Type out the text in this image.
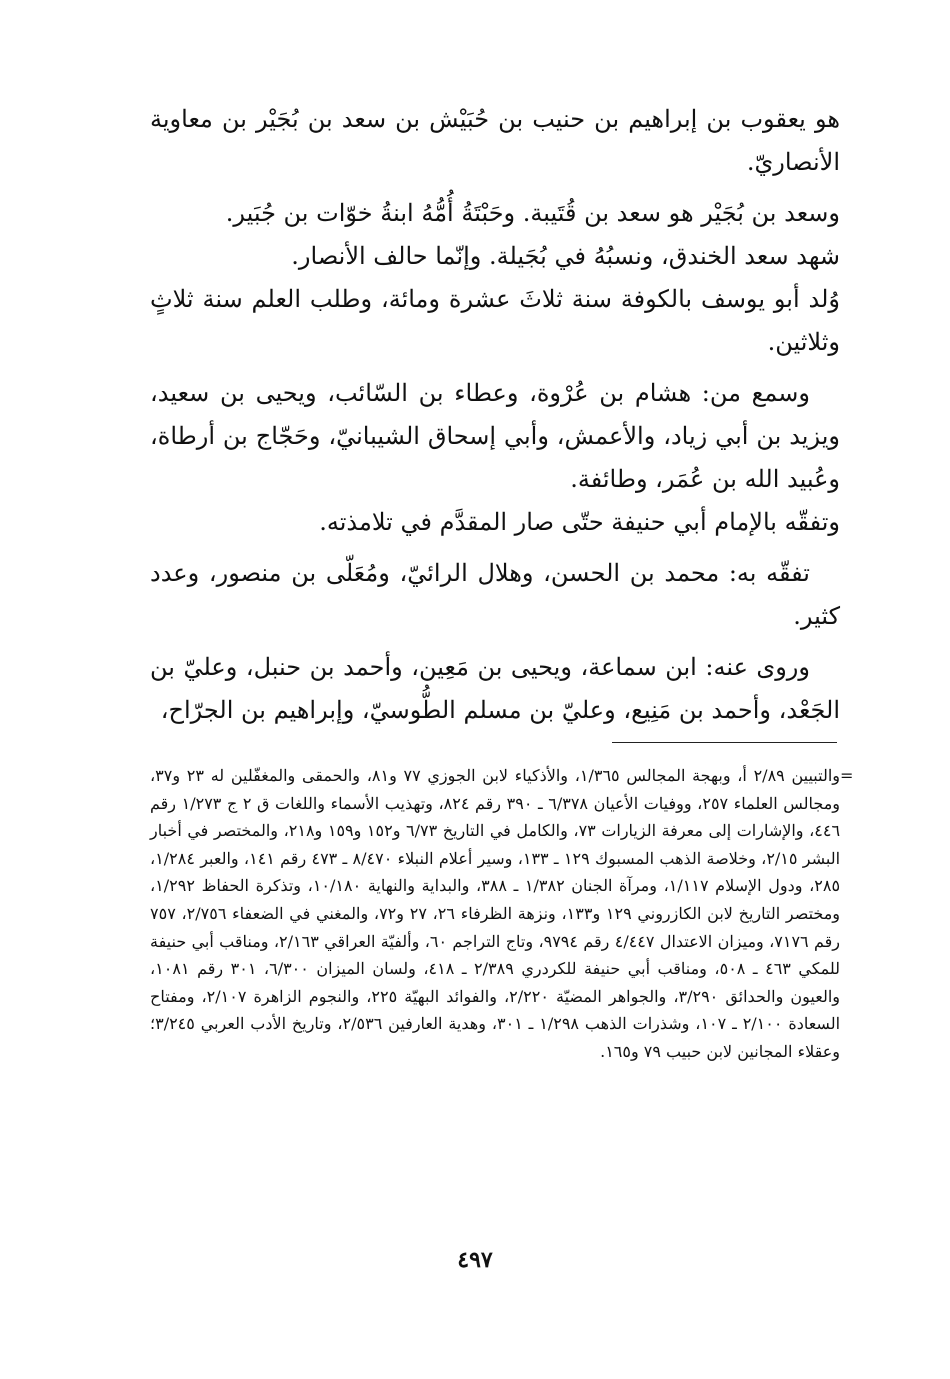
هو يعقوب بن إبراهيم بن حنيب بن حُبَيْش بن سعد بن بُجَيْر بن معاوية الأنصاريّ.

وسعد بن بُجَيْر هو سعد بن قُتَيبة. وحَبْتَةُ أُمُّهُ ابنةُ خوّات بن جُبَير.

شهد سعد الخندق، ونسبُهُ في بُجَيلة. وإنّما حالف الأنصار.

وُلد أبو يوسف بالكوفة سنة ثلاثَ عشرة ومائة، وطلب العلم سنة ثلاثٍ وثلاثين.

وسمع من: هشام بن عُرْوة، وعطاء بن السّائب، ويحيى بن سعيد، ويزيد بن أبي زياد، والأعمش، وأبي إسحاق الشيبانيّ، وحَجّاج بن أرطاة، وعُبيد الله بن عُمَر، وطائفة.

وتفقّه بالإمام أبي حنيفة حتّى صار المقدَّم في تلامذته.

تفقّه به: محمد بن الحسن، وهلال الرائيّ، ومُعَلّى بن منصور، وعدد كثير.

وروى عنه: ابن سماعة، ويحيى بن مَعِين، وأحمد بن حنبل، وعليّ بن الجَعْد، وأحمد بن مَنِيع، وعليّ بن مسلم الطُّوسيّ، وإبراهيم بن الجرّاح،

=

والتبيين ٢/٨٩ أ، وبهجة المجالس ١/٣٦٥، والأذكياء لابن الجوزي ٧٧ و٨١، والحمقى والمغفّلين له ٢٣ و٣٧، ومجالس العلماء ٢٥٧، ووفيات الأعيان ٦/٣٧٨ ـ ٣٩٠ رقم ٨٢٤، وتهذيب الأسماء واللغات ق ٢ ج ١/٢٧٣ رقم ٤٤٦، والإشارات إلى معرفة الزيارات ٧٣، والكامل في التاريخ ٦/٧٣ و١٥٢ و١٥٩ و٢١٨، والمختصر في أخبار البشر ٢/١٥، وخلاصة الذهب المسبوك ١٢٩ ـ ١٣٣، وسير أعلام النبلاء ٨/٤٧٠ ـ ٤٧٣ رقم ١٤١، والعبر ١/٢٨٤، ٢٨٥، ودول الإسلام ١/١١٧، ومرآة الجنان ١/٣٨٢ ـ ٣٨٨، والبداية والنهاية ١٠/١٨٠، وتذكرة الحفاظ ١/٢٩٢، ومختصر التاريخ لابن الكازروني ١٢٩ و١٣٣، ونزهة الظرفاء ٢٦، ٢٧ و٧٢، والمغني في الضعفاء ٢/٧٥٦، ٧٥٧ رقم ٧١٧٦، وميزان الاعتدال ٤/٤٤٧ رقم ٩٧٩٤، وتاج التراجم ٦٠، وألفيّة العراقي ٢/١٦٣، ومناقب أبي حنيفة للمكي ٤٦٣ ـ ٥٠٨، ومناقب أبي حنيفة للكردري ٢/٣٨٩ ـ ٤١٨، ولسان الميزان ٦/٣٠٠، ٣٠١ رقم ١٠٨١، والعيون والحدائق ٣/٢٩٠، والجواهر المضيّة ٢/٢٢٠، والفوائد البهيّة ٢٢٥، والنجوم الزاهرة ٢/١٠٧، ومفتاح السعادة ٢/١٠٠ ـ ١٠٧، وشذرات الذهب ١/٢٩٨ ـ ٣٠١، وهدية العارفين ٢/٥٣٦، وتاريخ الأدب العربي ٣/٢٤٥؛ وعقلاء المجانين لابن حبيب ٧٩ و١٦٥.

٤٩٧
